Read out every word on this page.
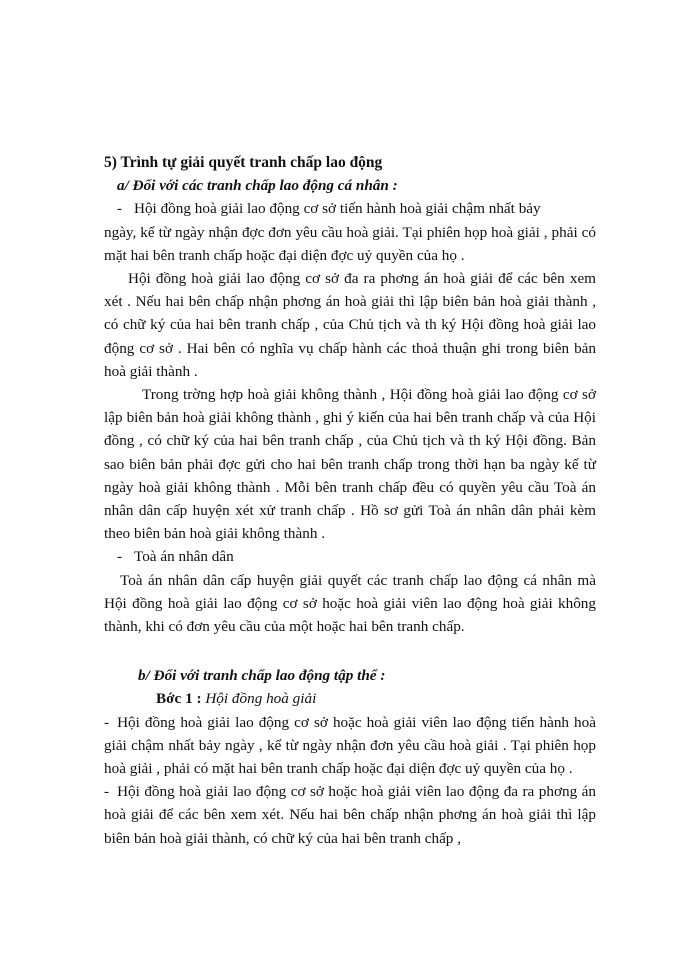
5) Trình tự giải quyết tranh chấp lao động

a/ Đối với các tranh chấp lao động cá nhân :

- Hội đồng hoà giải lao động cơ sở tiến hành hoà giải chậm nhất bảy

ngày, kể từ ngày nhận đợc đơn yêu cầu hoà giải. Tại phiên họp hoà giải , phải có mặt hai bên tranh chấp hoặc đại diện đợc uỷ quyền của họ .

Hội đồng hoà giải lao động cơ sở đa ra phơng án hoà giải để các bên xem xét . Nếu hai bên chấp nhận phơng án hoà giải thì lập biên bản hoà giải thành , có chữ ký của hai bên tranh chấp , của Chủ tịch và th ký Hội đồng hoà giải lao động cơ sở . Hai bên có nghĩa vụ chấp hành các thoả thuận ghi trong biên bản hoà giải thành .

Trong trờng hợp hoà giải không thành , Hội đồng hoà giải lao động cơ sở lập biên bản hoà giải không thành , ghi ý kiến của hai bên tranh chấp và của Hội đồng , có chữ ký của hai bên tranh chấp , của Chủ tịch và th ký Hội đồng. Bản sao biên bản phải đợc gửi cho hai bên tranh chấp trong thời hạn ba ngày kể từ ngày hoà giải không thành . Mỗi bên tranh chấp đều có quyền yêu cầu Toà án nhân dân cấp huyện xét xử tranh chấp . Hồ sơ gửi Toà án nhân dân phải kèm theo biên bản hoà giải không thành .

- Toà án nhân dân

Toà án nhân dân cấp huyện giải quyết các tranh chấp lao động cá nhân mà Hội đồng hoà giải lao động cơ sở hoặc hoà giải viên lao động hoà giải không thành, khi có đơn yêu cầu của một hoặc hai bên tranh chấp.

b/ Đối với tranh chấp lao động tập thể :

Bớc 1 : Hội đồng hoà giải

- Hội đồng hoà giải lao động cơ sở hoặc hoà giải viên lao động tiến hành hoà giải chậm nhất bảy ngày , kể từ ngày nhận đơn yêu cầu hoà giải . Tại phiên họp hoà giải , phải có mặt hai bên tranh chấp hoặc đại diện đợc uỷ quyền của họ .

- Hội đồng hoà giải lao động cơ sở hoặc hoà giải viên lao động đa ra phơng án hoà giải để các bên xem xét. Nếu hai bên chấp nhận phơng án hoà giải thì lập biên bản hoà giải thành, có chữ ký của hai bên tranh chấp ,
